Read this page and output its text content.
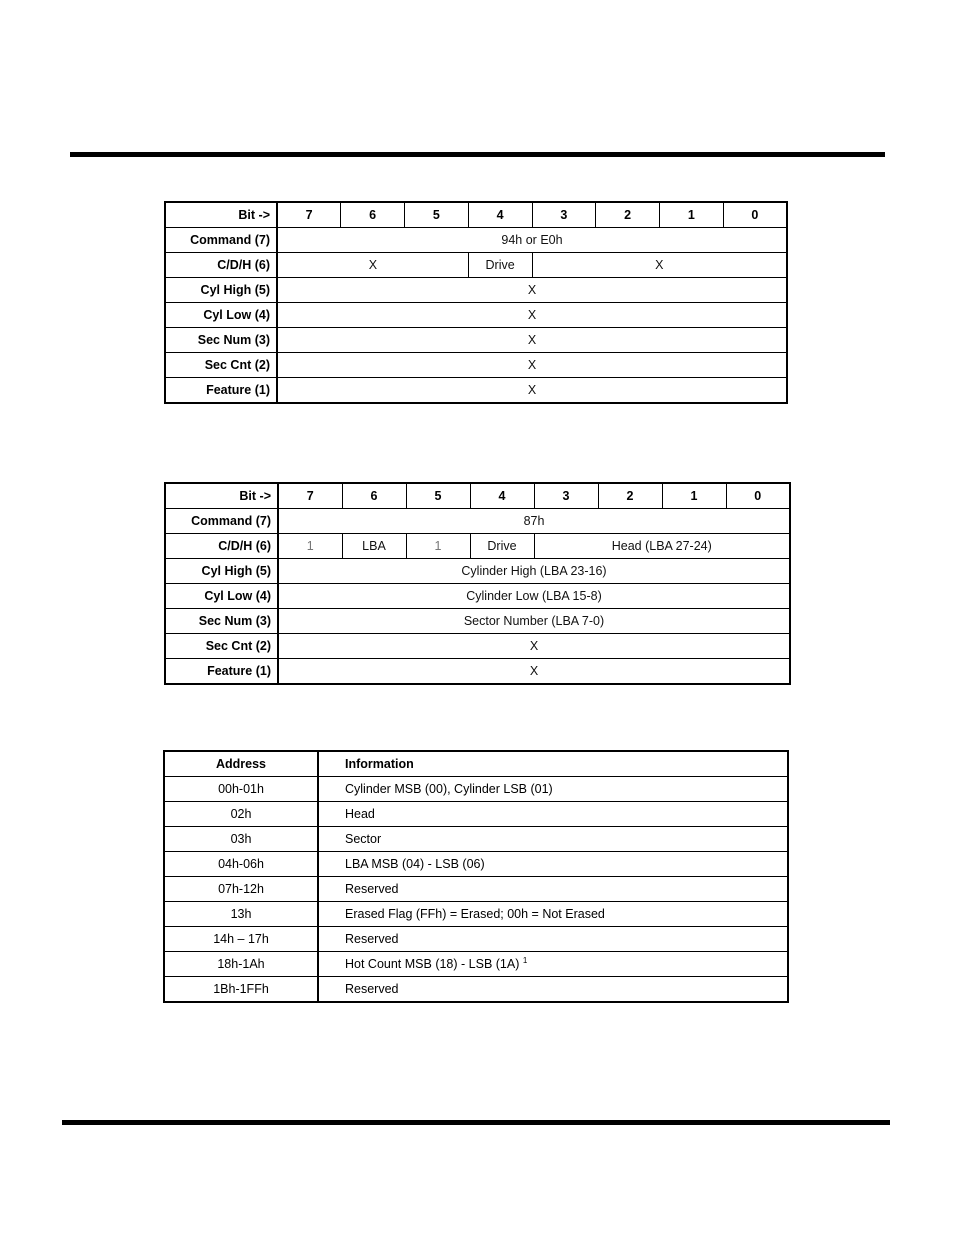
Bit ->	7	6	5	4	3	2	1	0
Command (7)	94h or E0h							
C/D/H (6)	X			Drive	X			
Cyl High (5)	X							
Cyl Low (4)	X							
Sec Num (3)	X							
Sec Cnt (2)	X							
Feature (1)	X							
Bit ->	7	6	5	4	3	2	1	0
Command (7)	87h							
C/D/H (6)	1	LBA	1	Drive	Head (LBA 27-24)			
Cyl High (5)	Cylinder High (LBA 23-16)							
Cyl Low (4)	Cylinder Low (LBA 15-8)							
Sec Num (3)	Sector Number (LBA 7-0)							
Sec Cnt (2)	X							
Feature (1)	X							
Address	Information
00h-01h	Cylinder MSB (00), Cylinder LSB (01)
02h	Head
03h	Sector
04h-06h	LBA MSB (04) - LSB (06)
07h-12h	Reserved
13h	Erased Flag (FFh) = Erased; 00h = Not Erased
14h – 17h	Reserved
18h-1Ah	Hot Count MSB (18) - LSB (1A) $^1$
1Bh-1FFh	Reserved
